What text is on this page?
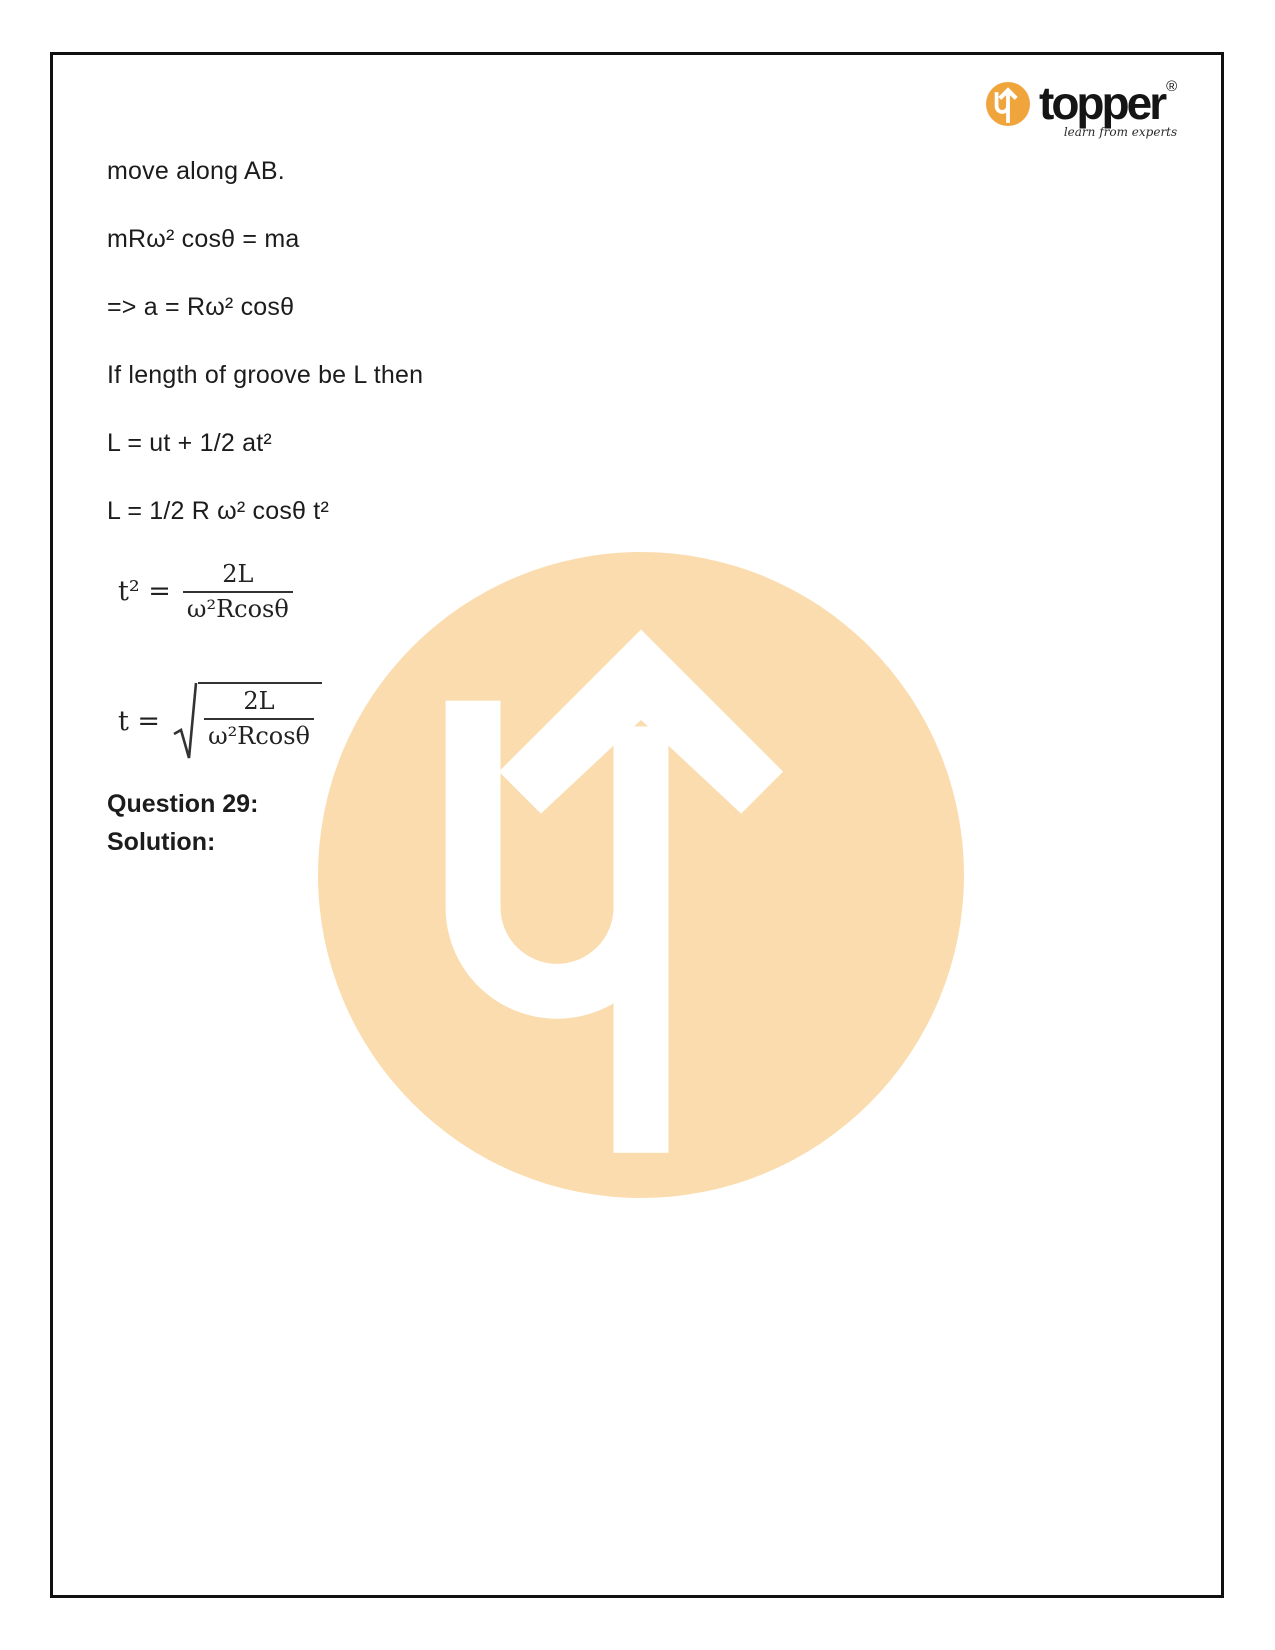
topper ®
learn from experts
move along AB.
mRω² cosθ = ma
=> a = Rω² cosθ
If length of groove be L then
L = ut + 1/2 at²
L = 1/2 R ω² cosθ t²
$t^2 = \frac{2L}{\text{ω²Rcosθ}}$
$t = \frac{2L}{\text{ω²Rcosθ}}$
Question 29:
Solution:
